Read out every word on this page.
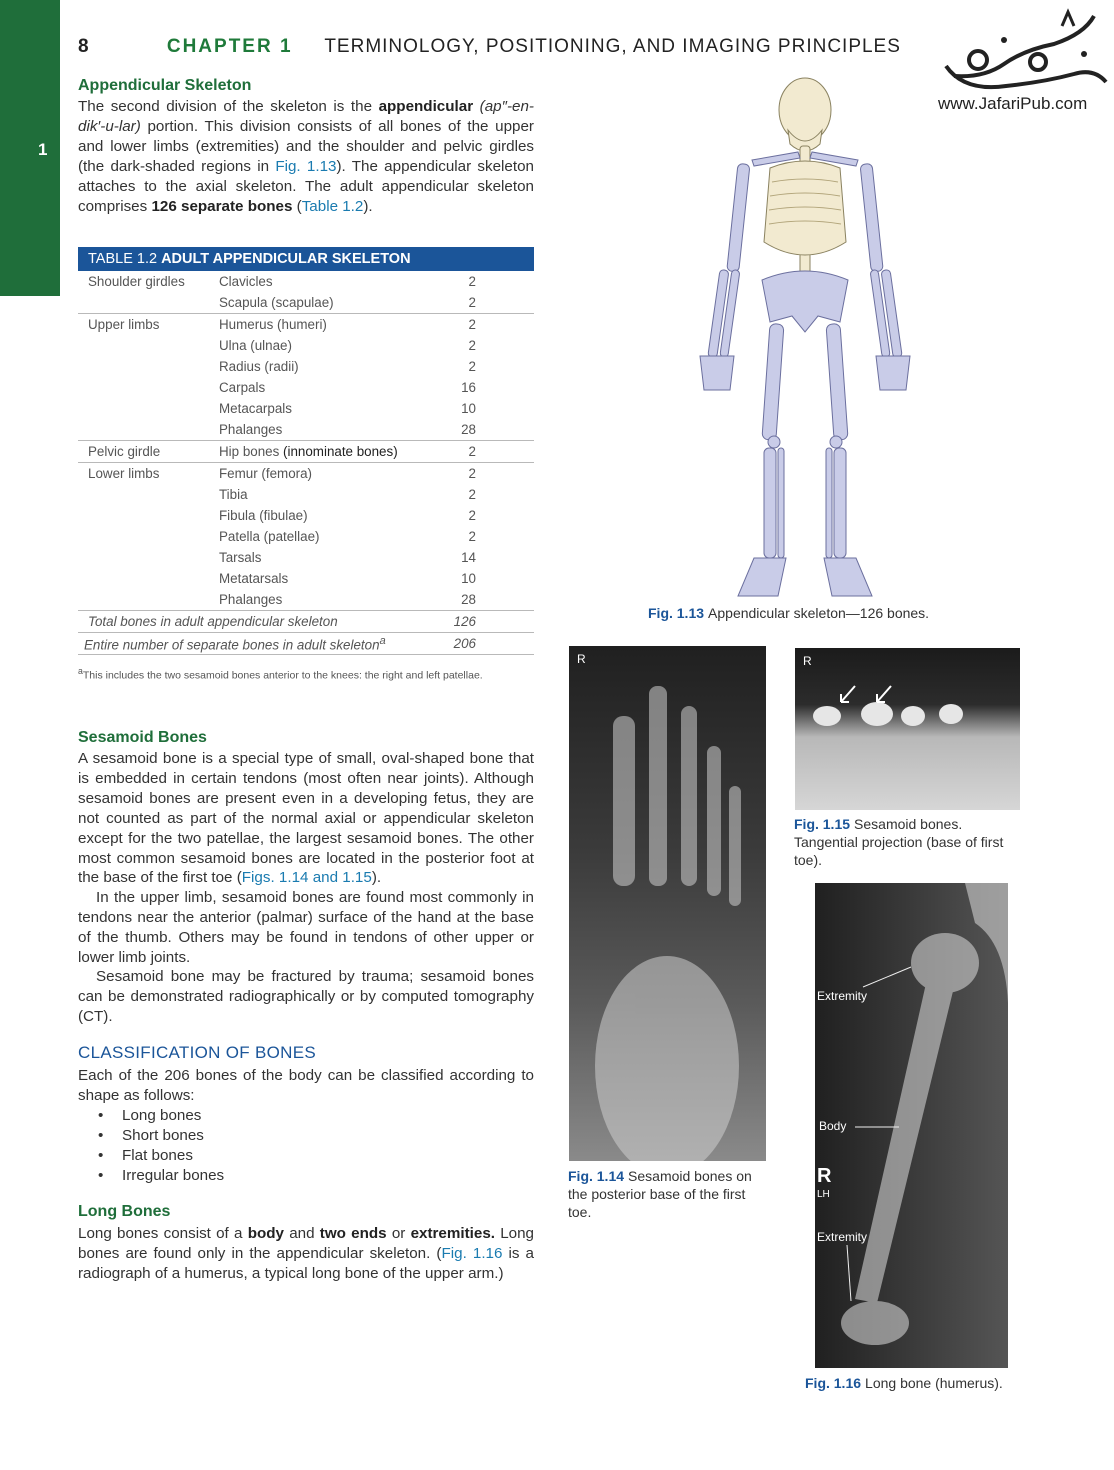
1
8	CHAPTER 1 TERMINOLOGY, POSITIONING, AND IMAGING PRINCIPLES
www.JafariPub.com
Appendicular Skeleton

The second division of the skeleton is the appendicular (ap″-en-dik′-u-lar) portion. This division consists of all bones of the upper and lower limbs (extremities) and the shoulder and pelvic girdles (the dark-shaded regions in Fig. 1.13). The appendicular skeleton attaches to the axial skeleton. The adult appendicular skeleton comprises 126 separate bones (Table 1.2).

TABLE 1.2 ADULT APPENDICULAR SKELETON
Shoulder girdles	Clavicles	2
	Scapula (scapulae)	2
Upper limbs	Humerus (humeri)	2
	Ulna (ulnae)	2
	Radius (radii)	2
	Carpals	16
	Metacarpals	10
	Phalanges	28
Pelvic girdle	Hip bones (innominate bones)	2
Lower limbs	Femur (femora)	2
	Tibia	2
	Fibula (fibulae)	2
	Patella (patellae)	2
	Tarsals	14
	Metatarsals	10
	Phalanges	28
Total bones in adult appendicular skeleton		126
Entire number of separate bones in adult skeleton$^a$		206
$^a$This includes the two sesamoid bones anterior to the knees: the right and left patellae.
Sesamoid Bones

A sesamoid bone is a special type of small, oval-shaped bone that is embedded in certain tendons (most often near joints). Although sesamoid bones are present even in a developing fetus, they are not counted as part of the normal axial or appendicular skeleton except for the two patellae, the largest sesamoid bones. The other most common sesamoid bones are located in the posterior foot at the base of the first toe (Figs. 1.14 and 1.15).

In the upper limb, sesamoid bones are found most commonly in tendons near the anterior (palmar) surface of the hand at the base of the thumb. Others may be found in tendons of other upper or lower limb joints.

Sesamoid bone may be fractured by trauma; sesamoid bones can be demonstrated radiographically or by computed tomography (CT).

CLASSIFICATION OF BONES

Each of the 206 bones of the body can be classified according to shape as follows:

• Long bones
• Short bones
• Flat bones
• Irregular bones
Long Bones

Long bones consist of a body and two ends or extremities. Long bones are found only in the appendicular skeleton. (Fig. 1.16 is a radiograph of a humerus, a typical long bone of the upper arm.)

Fig. 1.13 Appendicular skeleton—126 bones.
R
Fig. 1.14 Sesamoid bones on the posterior base of the first toe.
R
Fig. 1.15 Sesamoid bones. Tangential projection (base of first toe).
Extremity
Body
Extremity
R
LH
Fig. 1.16 Long bone (humerus).
